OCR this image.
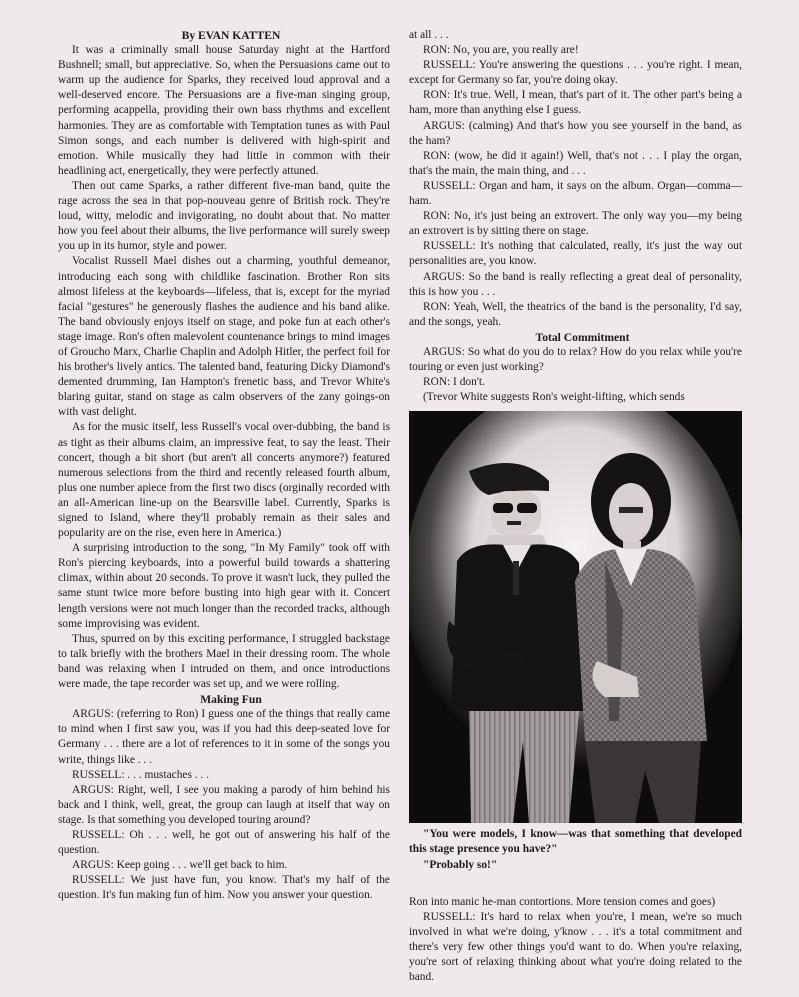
By EVAN KATTEN

It was a criminally small house Saturday night at the Hartford Bushnell; small, but appreciative. So, when the Persuasions came out to warm up the audience for Sparks, they received loud approval and a well-deserved encore. The Persuasions are a five-man singing group, performing acappella, providing their own bass rhythms and excellent harmonies. They are as comfortable with Temptation tunes as with Paul Simon songs, and each number is delivered with high-spirit and emotion. While musically they had little in common with their headlining act, energetically, they were perfectly attuned.

Then out came Sparks, a rather different five-man band, quite the rage across the sea in that pop-nouveau genre of British rock. They're loud, witty, melodic and invigorating, no doubt about that. No matter how you feel about their albums, the live performance will surely sweep you up in its humor, style and power.

Vocalist Russell Mael dishes out a charming, youthful demeanor, introducing each song with childlike fascination. Brother Ron sits almost lifeless at the keyboards—lifeless, that is, except for the myriad facial "gestures" he generously flashes the audience and his band alike. The band obviously enjoys itself on stage, and poke fun at each other's stage image. Ron's often malevolent countenance brings to mind images of Groucho Marx, Charlie Chaplin and Adolph Hitler, the perfect foil for his brother's lively antics. The talented band, featuring Dicky Diamond's demented drumming, Ian Hampton's frenetic bass, and Trevor White's blaring guitar, stand on stage as calm observers of the zany goings-on with vast delight.

As for the music itself, less Russell's vocal over-dubbing, the band is as tight as their albums claim, an impressive feat, to say the least. Their concert, though a bit short (but aren't all concerts anymore?) featured numerous selections from the third and recently released fourth album, plus one number apiece from the first two discs (orginally recorded with an all-American line-up on the Bearsville label. Currently, Sparks is signed to Island, where they'll probably remain as their sales and popularity are on the rise, even here in America.)

A surprising introduction to the song, "In My Family" took off with Ron's piercing keyboards, into a powerful build towards a shattering climax, within about 20 seconds. To prove it wasn't luck, they pulled the same stunt twice more before busting into high gear with it. Concert length versions were not much longer than the recorded tracks, although some improvising was evident.

Thus, spurred on by this exciting performance, I struggled backstage to talk briefly with the brothers Mael in their dressing room. The whole band was relaxing when I intruded on them, and once introductions were made, the tape recorder was set up, and we were rolling.

Making Fun

ARGUS: (referring to Ron) I guess one of the things that really came to mind when I first saw you, was if you had this deep-seated love for Germany . . . there are a lot of references to it in some of the songs you write, things like . . .

RUSSELL: . . . mustaches . . .

ARGUS: Right, well, I see you making a parody of him behind his back and I think, well, great, the group can laugh at itself that way on stage. Is that something you developed touring around?

RUSSELL: Oh . . . well, he got out of answering his half of the question.

ARGUS: Keep going . . . we'll get back to him.

RUSSELL: We just have fun, you know. That's my half of the question. It's fun making fun of him. Now you answer your question.

at all . . .

RON: No, you are, you really are!

RUSSELL: You're answering the questions . . . you're right. I mean, except for Germany so far, you're doing okay.

RON: It's true. Well, I mean, that's part of it. The other part's being a ham, more than anything else I guess.

ARGUS: (calming) And that's how you see yourself in the band, as the ham?

RON: (wow, he did it again!) Well, that's not . . . I play the organ, that's the main, the main thing, and . . .

RUSSELL: Organ and ham, it says on the album. Organ—comma—ham.

RON: No, it's just being an extrovert. The only way you—my being an extrovert is by sitting there on stage.

RUSSELL: It's nothing that calculated, really, it's just the way out personalities are, you know.

ARGUS: So the band is really reflecting a great deal of personality, this is how you . . .

RON: Yeah, Well, the theatrics of the band is the personality, I'd say, and the songs, yeah.

Total Commitment

ARGUS: So what do you do to relax? How do you relax while you're touring or even just working?

RON: I don't.

(Trevor White suggests Ron's weight-lifting, which sends

"You were models, I know—was that something that developed this stage presence you have?"
"Probably so!"

Ron into manic he-man contortions. More tension comes and goes)

RUSSELL: It's hard to relax when you're, I mean, we're so much involved in what we're doing, y'know . . . it's a total commitment and there's very few other things you'd want to do. When you're relaxing, you're sort of relaxing thinking about what you're doing related to the band.
